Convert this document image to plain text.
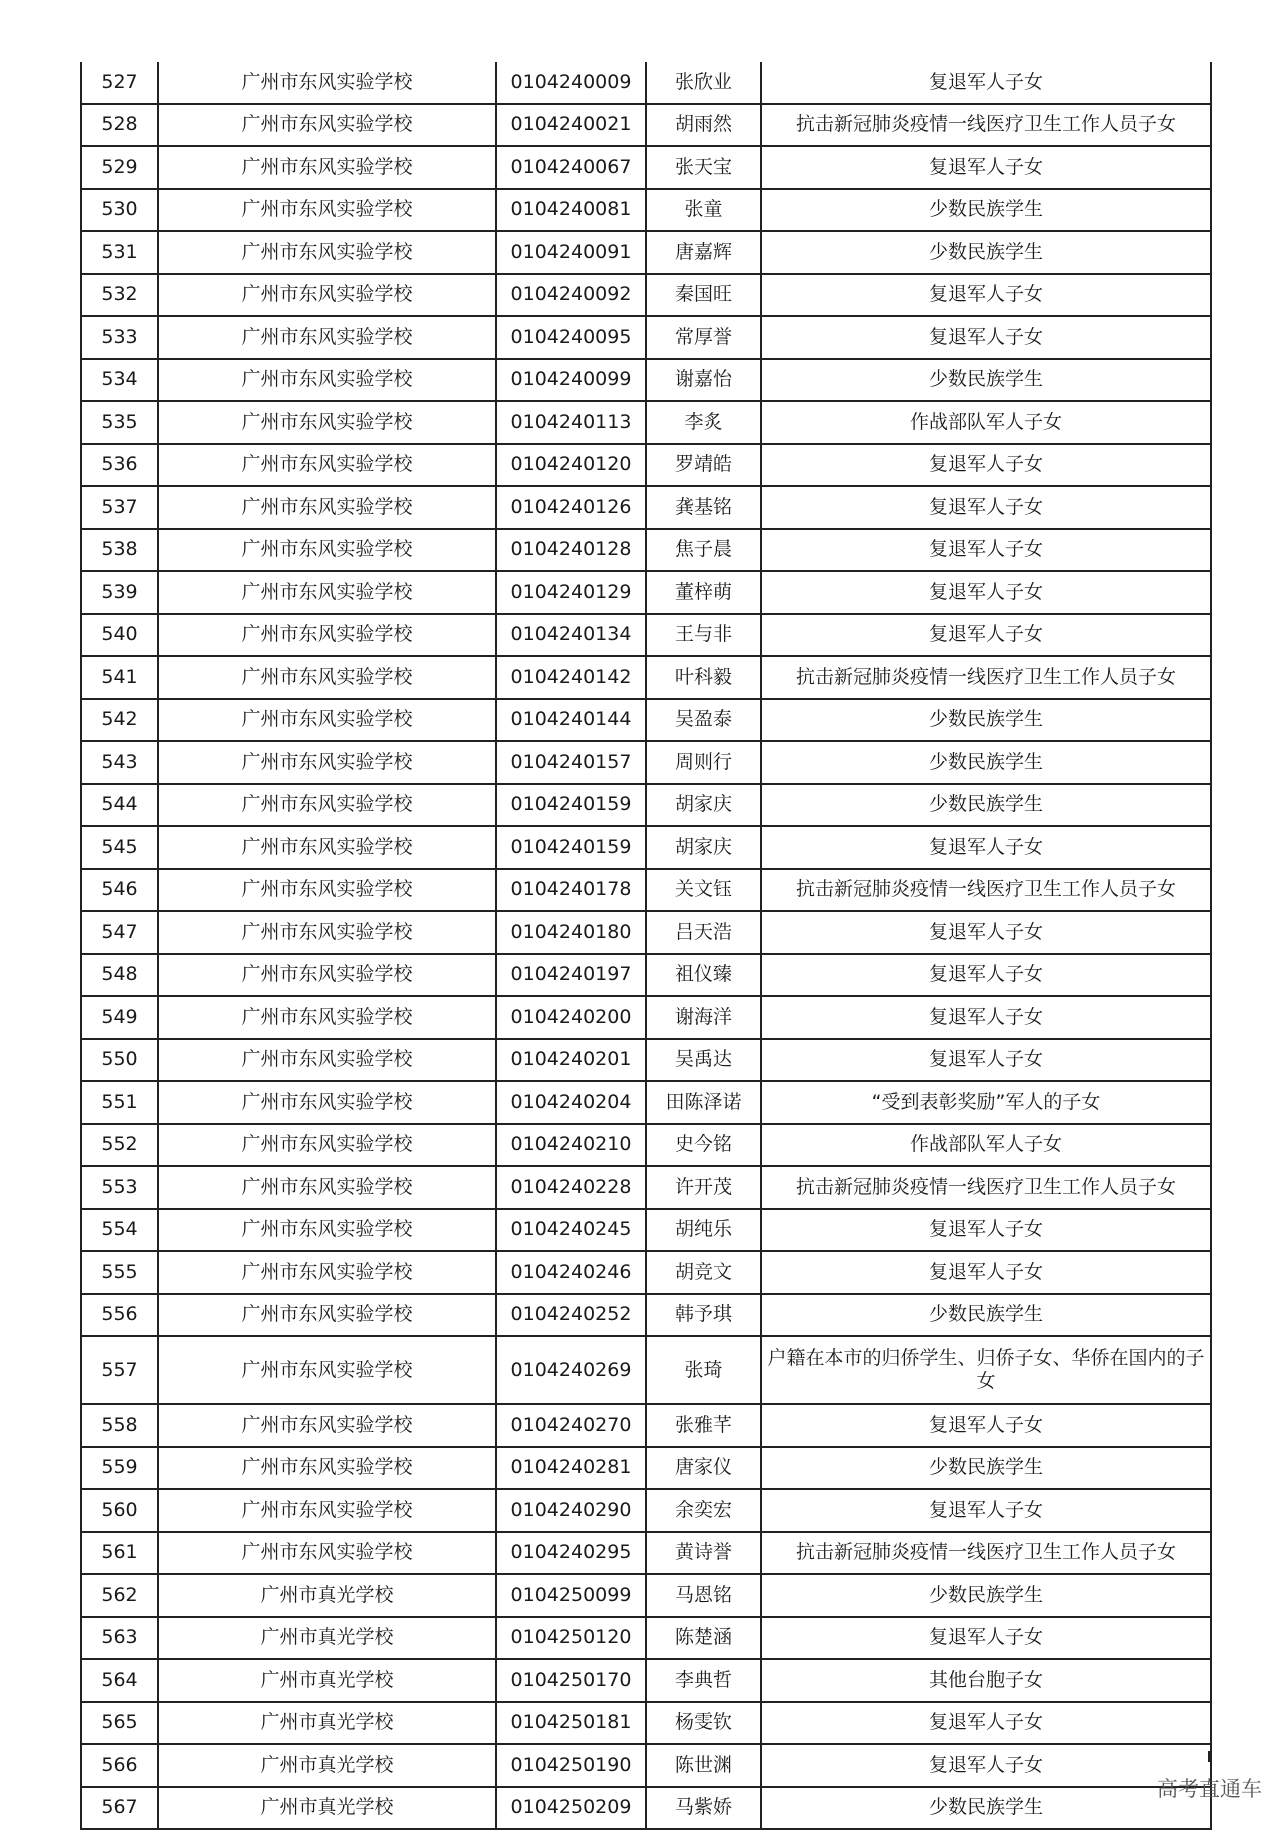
527	广州市东风实验学校	0104240009	张欣业	复退军人子女
528	广州市东风实验学校	0104240021	胡雨然	抗击新冠肺炎疫情一线医疗卫生工作人员子女
529	广州市东风实验学校	0104240067	张天宝	复退军人子女
530	广州市东风实验学校	0104240081	张童	少数民族学生
531	广州市东风实验学校	0104240091	唐嘉辉	少数民族学生
532	广州市东风实验学校	0104240092	秦国旺	复退军人子女
533	广州市东风实验学校	0104240095	常厚誉	复退军人子女
534	广州市东风实验学校	0104240099	谢嘉怡	少数民族学生
535	广州市东风实验学校	0104240113	李炙	作战部队军人子女
536	广州市东风实验学校	0104240120	罗靖皓	复退军人子女
537	广州市东风实验学校	0104240126	龚基铭	复退军人子女
538	广州市东风实验学校	0104240128	焦子晨	复退军人子女
539	广州市东风实验学校	0104240129	董梓萌	复退军人子女
540	广州市东风实验学校	0104240134	王与非	复退军人子女
541	广州市东风实验学校	0104240142	叶科毅	抗击新冠肺炎疫情一线医疗卫生工作人员子女
542	广州市东风实验学校	0104240144	吴盈泰	少数民族学生
543	广州市东风实验学校	0104240157	周则行	少数民族学生
544	广州市东风实验学校	0104240159	胡家庆	少数民族学生
545	广州市东风实验学校	0104240159	胡家庆	复退军人子女
546	广州市东风实验学校	0104240178	关文钰	抗击新冠肺炎疫情一线医疗卫生工作人员子女
547	广州市东风实验学校	0104240180	吕天浩	复退军人子女
548	广州市东风实验学校	0104240197	祖仪臻	复退军人子女
549	广州市东风实验学校	0104240200	谢海洋	复退军人子女
550	广州市东风实验学校	0104240201	吴禹达	复退军人子女
551	广州市东风实验学校	0104240204	田陈泽诺	“受到表彰奖励”军人的子女
552	广州市东风实验学校	0104240210	史今铭	作战部队军人子女
553	广州市东风实验学校	0104240228	许开茂	抗击新冠肺炎疫情一线医疗卫生工作人员子女
554	广州市东风实验学校	0104240245	胡纯乐	复退军人子女
555	广州市东风实验学校	0104240246	胡竞文	复退军人子女
556	广州市东风实验学校	0104240252	韩予琪	少数民族学生
557	广州市东风实验学校	0104240269	张琦	户籍在本市的归侨学生、归侨子女、华侨在国内的子女
558	广州市东风实验学校	0104240270	张雅芊	复退军人子女
559	广州市东风实验学校	0104240281	唐家仪	少数民族学生
560	广州市东风实验学校	0104240290	余奕宏	复退军人子女
561	广州市东风实验学校	0104240295	黄诗誉	抗击新冠肺炎疫情一线医疗卫生工作人员子女
562	广州市真光学校	0104250099	马恩铭	少数民族学生
563	广州市真光学校	0104250120	陈楚涵	复退军人子女
564	广州市真光学校	0104250170	李典哲	其他台胞子女
565	广州市真光学校	0104250181	杨雯钦	复退军人子女
566	广州市真光学校	0104250190	陈世渊	复退军人子女
567	广州市真光学校	0104250209	马紫娇	少数民族学生
高考直通车
